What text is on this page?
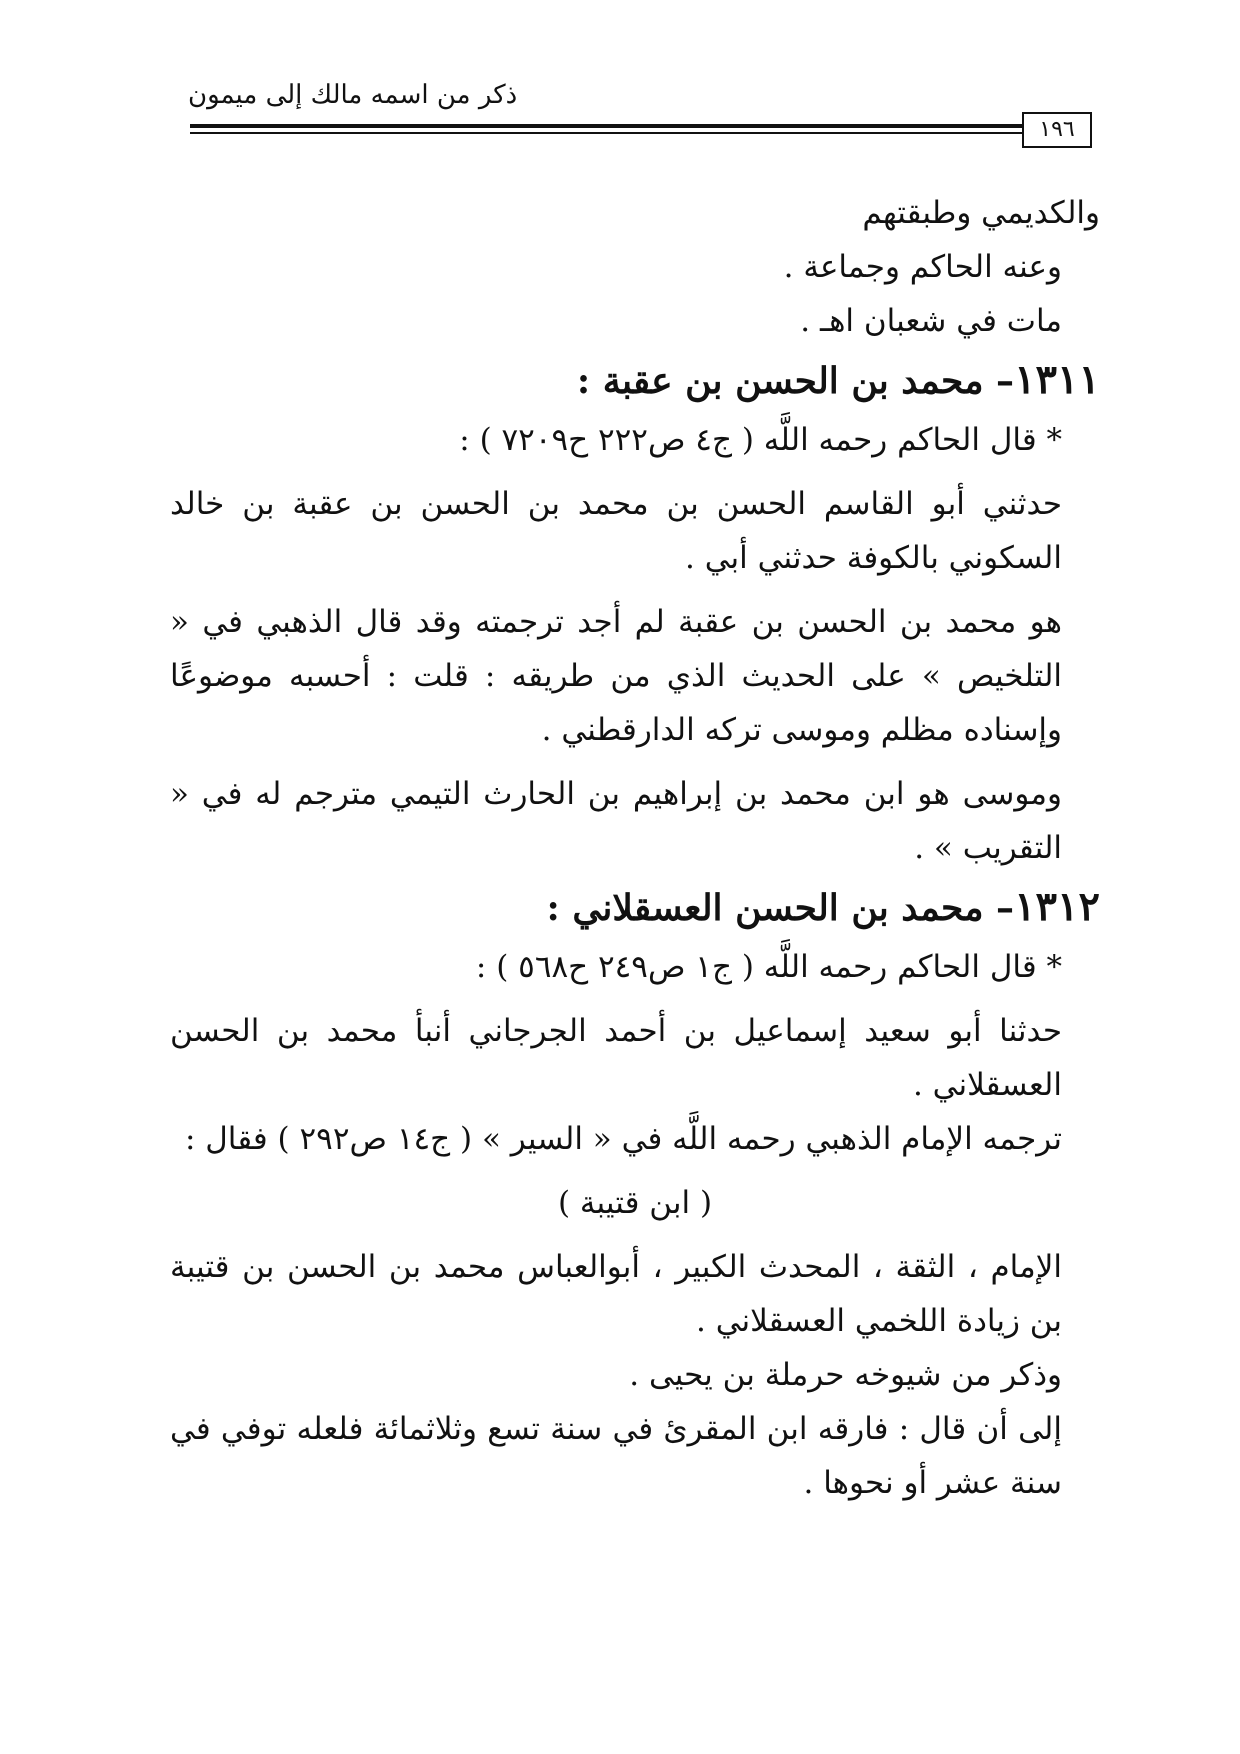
ذكر من اسمه مالك إلى ميمون
١٩٦

والكديمي وطبقتهم

وعنه الحاكم وجماعة .

مات في شعبان اهـ .

١٣١١– محمد بن الحسن بن عقبة :

* قال الحاكم رحمه اللَّه ( ج٤ ص٢٢٢ ح٧٢٠٩ ) :

حدثني أبو القاسم الحسن بن محمد بن الحسن بن عقبة بن خالد السكوني بالكوفة حدثني أبي .

هو محمد بن الحسن بن عقبة لم أجد ترجمته وقد قال الذهبي في « التلخيص » على الحديث الذي من طريقه : قلت : أحسبه موضوعًا وإسناده مظلم وموسى تركه الدارقطني .

وموسى هو ابن محمد بن إبراهيم بن الحارث التيمي مترجم له في « التقريب » .

١٣١٢– محمد بن الحسن العسقلاني :

* قال الحاكم رحمه اللَّه ( ج١ ص٢٤٩ ح٥٦٨ ) :

حدثنا أبو سعيد إسماعيل بن أحمد الجرجاني أنبأ محمد بن الحسن العسقلاني .

ترجمه الإمام الذهبي رحمه اللَّه في « السير » ( ج١٤ ص٢٩٢ ) فقال :

( ابن قتيبة )

الإمام ، الثقة ، المحدث الكبير ، أبوالعباس محمد بن الحسن بن قتيبة بن زيادة اللخمي العسقلاني .

وذكر من شيوخه حرملة بن يحيى .

إلى أن قال : فارقه ابن المقرئ في سنة تسع وثلاثمائة فلعله توفي في سنة عشر أو نحوها .
